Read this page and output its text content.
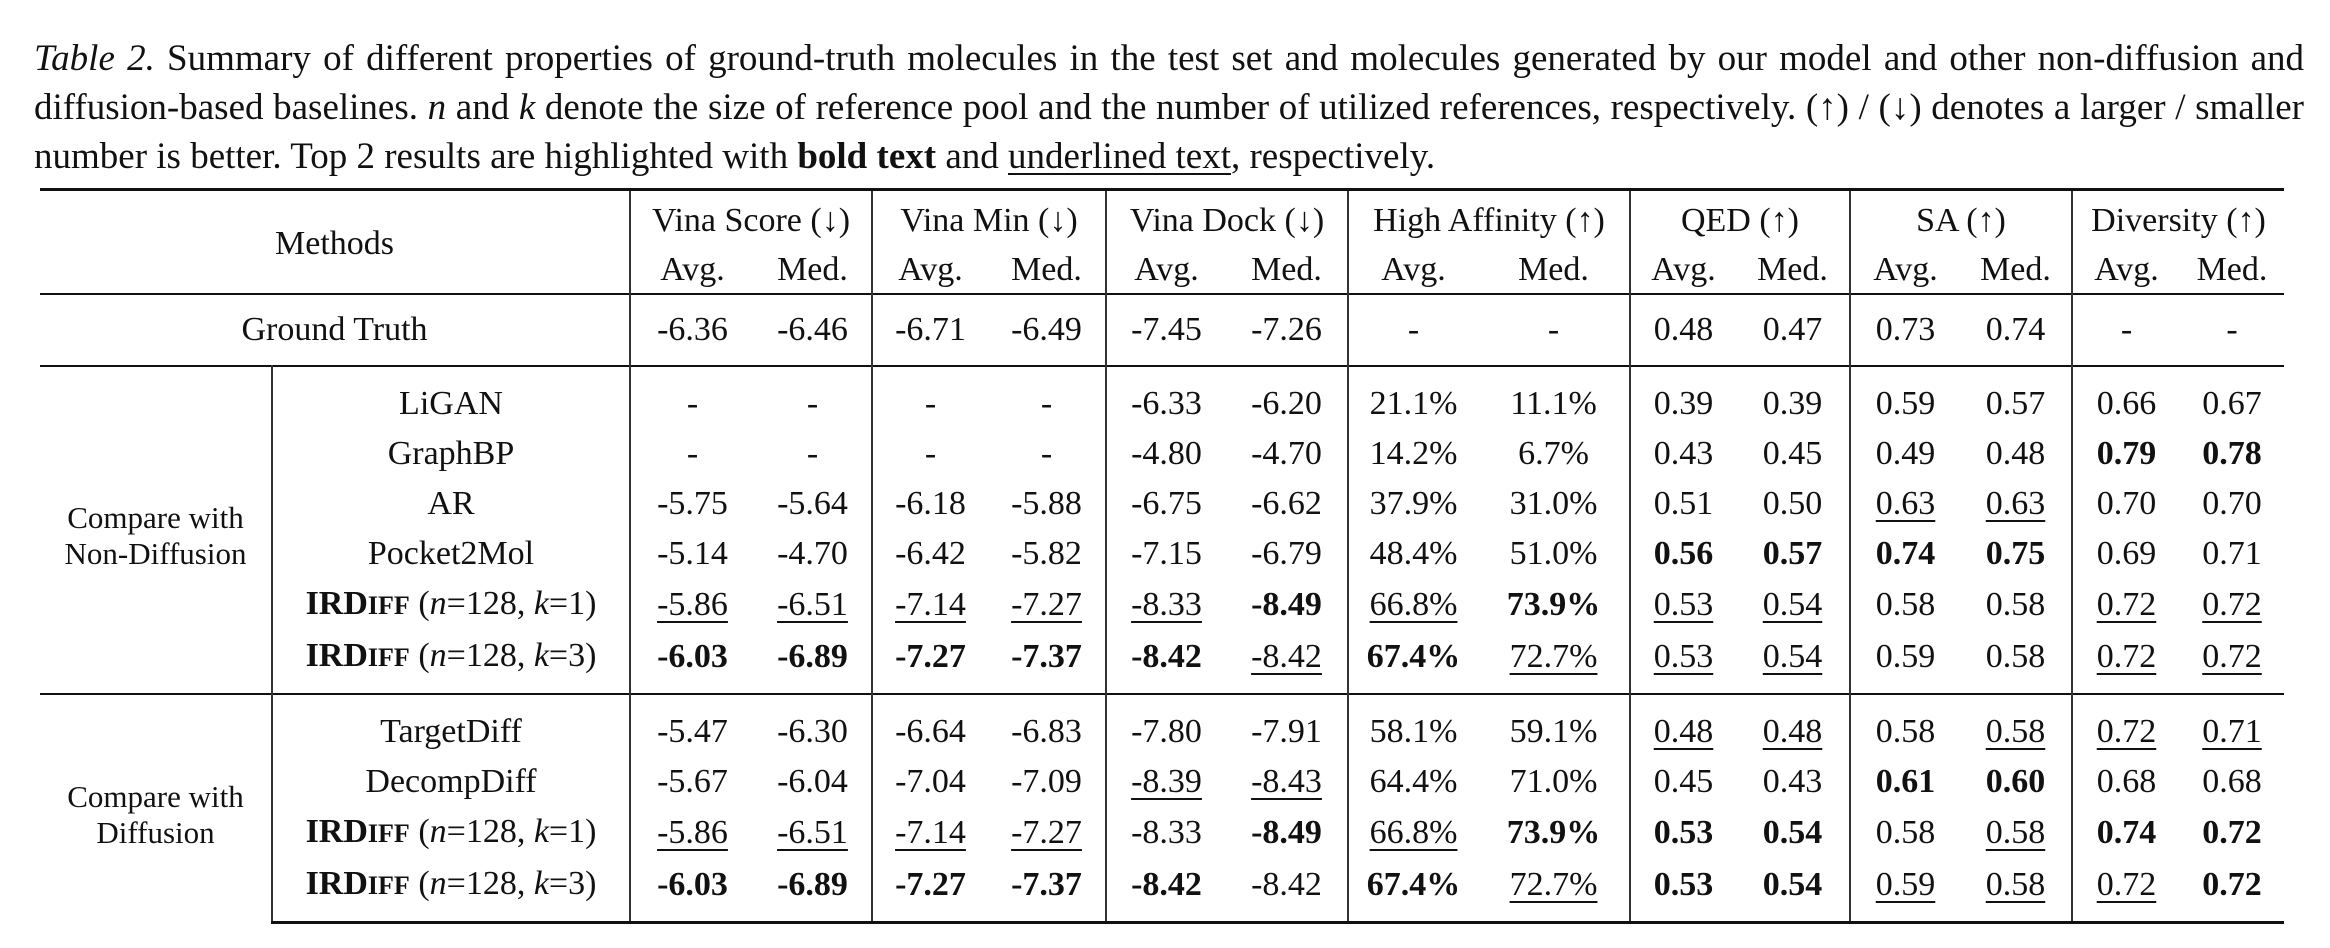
Table 2. Summary of different properties of ground-truth molecules in the test set and molecules generated by our model and other non-diffusion and diffusion-based baselines. n and k denote the size of reference pool and the number of utilized references, respectively. (↑) / (↓) denotes a larger / smaller number is better. Top 2 results are highlighted with bold text and underlined text, respectively.
Methods		Vina Score (↓)		Vina Min (↓)		Vina Dock (↓)		High Affinity (↑)		QED (↑)		SA (↑)		Diversity (↑)	
		Avg.	Med.	Avg.	Med.	Avg.	Med.	Avg.	Med.	Avg.	Med.	Avg.	Med.	Avg.	Med.
Ground Truth		-6.36	-6.46	-6.71	-6.49	-7.45	-7.26	-	-	0.48	0.47	0.73	0.74	-	-

Compare with
Non-Diffusion	LiGAN	-	-	-	-	-6.33	-6.20	21.1%	11.1%	0.39	0.39	0.59	0.57	0.66	0.67
	GraphBP	-	-	-	-	-4.80	-4.70	14.2%	6.7%	0.43	0.45	0.49	0.48	0.79	0.78
	AR	-5.75	-5.64	-6.18	-5.88	-6.75	-6.62	37.9%	31.0%	0.51	0.50	0.63	0.63	0.70	0.70
	Pocket2Mol	-5.14	-4.70	-6.42	-5.82	-7.15	-6.79	48.4%	51.0%	0.56	0.57	0.74	0.75	0.69	0.71
	IRDIFF (n=128, k=1)	-5.86	-6.51	-7.14	-7.27	-8.33	-8.49	66.8%	73.9%	0.53	0.54	0.58	0.58	0.72	0.72
	IRDIFF (n=128, k=3)	-6.03	-6.89	-7.27	-7.37	-8.42	-8.42	67.4%	72.7%	0.53	0.54	0.59	0.58	0.72	0.72

Compare with
Diffusion	TargetDiff	-5.47	-6.30	-6.64	-6.83	-7.80	-7.91	58.1%	59.1%	0.48	0.48	0.58	0.58	0.72	0.71
	DecompDiff	-5.67	-6.04	-7.04	-7.09	-8.39	-8.43	64.4%	71.0%	0.45	0.43	0.61	0.60	0.68	0.68
	IRDIFF (n=128, k=1)	-5.86	-6.51	-7.14	-7.27	-8.33	-8.49	66.8%	73.9%	0.53	0.54	0.58	0.58	0.74	0.72
	IRDIFF (n=128, k=3)	-6.03	-6.89	-7.27	-7.37	-8.42	-8.42	67.4%	72.7%	0.53	0.54	0.59	0.58	0.72	0.72
